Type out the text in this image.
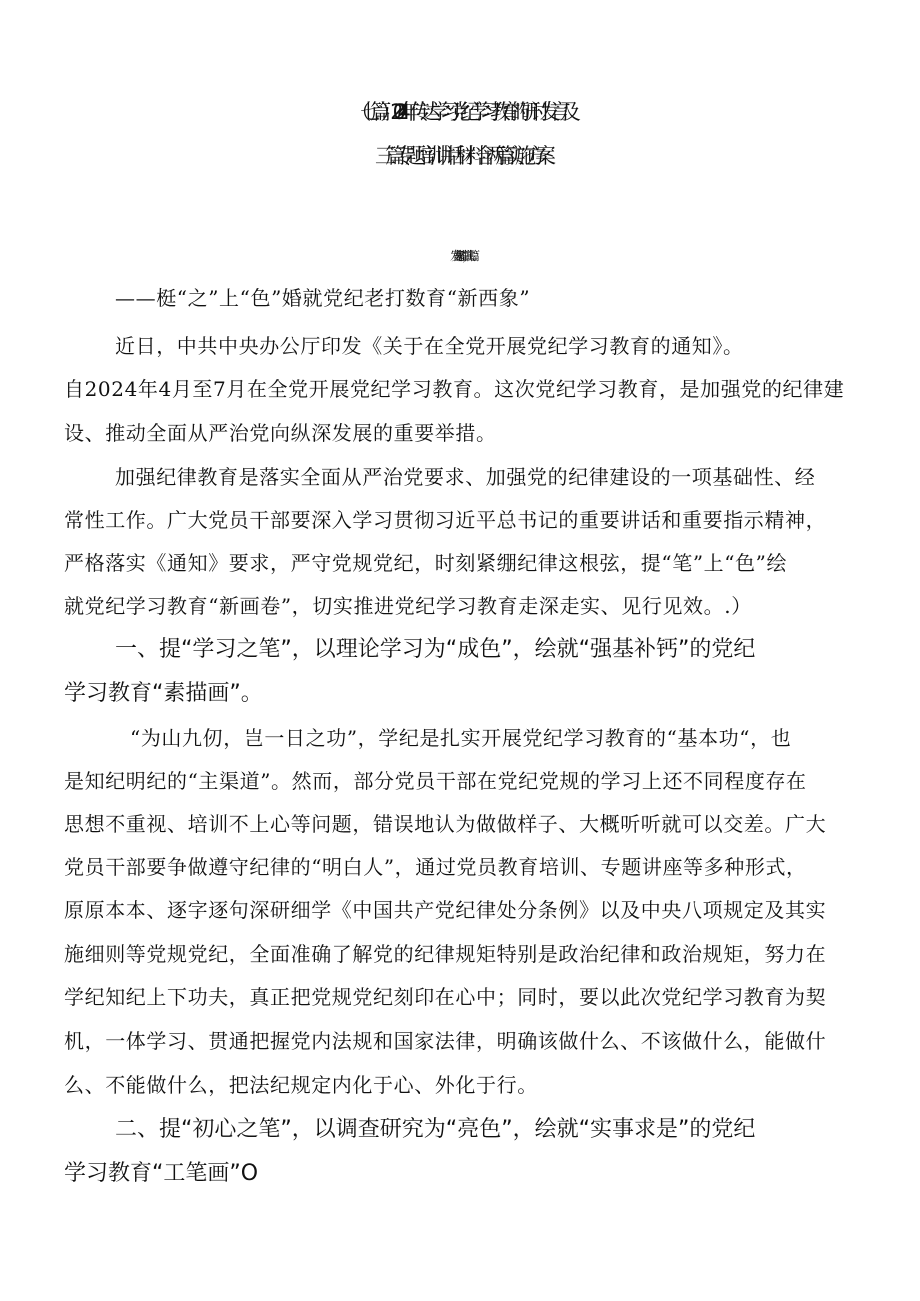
（七篇）2024年传达学习党纪学习教育的研讨发言及
三篇专题培训讲话材料含两篇实施方案
发言材料篇一，共七篇
——梃“之”上“色”婚就党纪老打数育“新西象”
近日，中共中央办公厅印发《关于在全党开展党纪学习教育的通知》。
自2024年4月至7月在全党开展党纪学习教育。这次党纪学习教育，是加强党的纪律建
设、推动全面从严治党向纵深发展的重要举措。
加强纪律教育是落实全面从严治党要求、加强党的纪律建设的一项基础性、经
常性工作。广大党员干部要深入学习贯彻习近平总书记的重要讲话和重要指示精神，
严格落实《通知》要求，严守党规党纪，时刻紧绷纪律这根弦，提“笔”上“色”绘
就党纪学习教育“新画卷”，切实推进党纪学习教育走深走实、见行见效。.）
一、提“学习之笔”，以理论学习为“成色”，绘就“强基补钙”的党纪
学习教育“素描画”。
“为山九仞，岂一日之功”，学纪是扎实开展党纪学习教育的“基本功“，也
是知纪明纪的“主渠道”。然而，部分党员干部在党纪党规的学习上还不同程度存在
思想不重视、培训不上心等问题，错误地认为做做样子、大概听听就可以交差。广大
党员干部要争做遵守纪律的“明白人”，通过党员教育培训、专题讲座等多种形式，
原原本本、逐字逐句深研细学《中国共产党纪律处分条例》以及中央八项规定及其实
施细则等党规党纪，全面准确了解党的纪律规矩特别是政治纪律和政治规矩，努力在
学纪知纪上下功夫，真正把党规党纪刻印在心中；同时，要以此次党纪学习教育为契
机，一体学习、贯通把握党内法规和国家法律，明确该做什么、不该做什么，能做什
么、不能做什么，把法纪规定内化于心、外化于行。
二、提“初心之笔”，以调查研究为“亮色”，绘就“实事求是”的党纪
学习教育“工笔画”O
